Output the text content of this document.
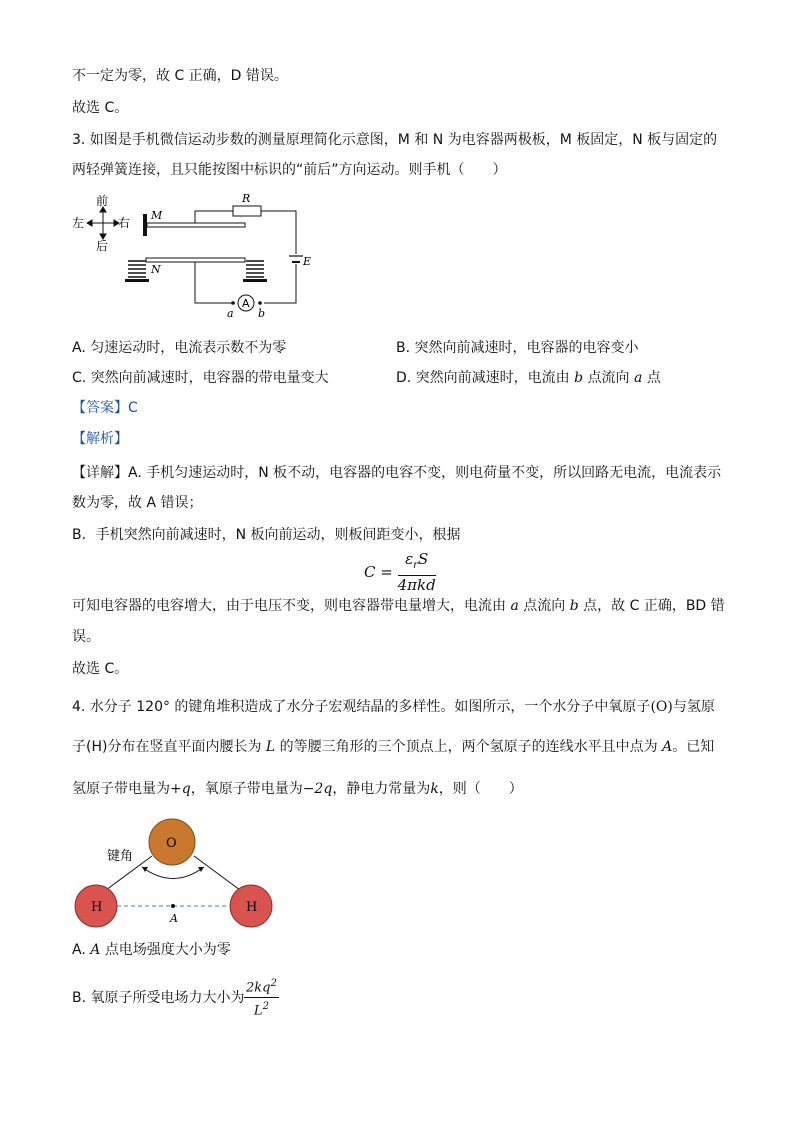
不一定为零，故 C 正确，D 错误。
故选 C。
3. 如图是手机微信运动步数的测量原理简化示意图，M 和 N 为电容器两极板，M 板固定，N 板与固定的
两轻弹簧连接，且只能按图中标识的“前后”方向运动。则手机（　　）
前
后
左	右
M
R
E
N
A
a b
A. 匀速运动时，电流表示数不为零	B. 突然向前减速时，电容器的电容变小
C. 突然向前减速时，电容器的带电量变大	D. 突然向前减速时，电流由 b 点流向 a 点
【答案】C
【解析】
【详解】A. 手机匀速运动时，N 板不动，电容器的电容不变，则电荷量不变，所以回路无电流，电流表示
数为零，故 A 错误；
B．手机突然向前减速时，N 板向前运动，则板间距变小，根据
$C = \frac{\varepsilon_rS}{\text{4πkd}}$
可知电容器的电容增大，由于电压不变，则电容器带电量增大，电流由 a 点流向 b 点，故 C 正确，BD 错
误。
故选 C。
4. 水分子 120° 的键角堆积造成了水分子宏观结晶的多样性。如图所示，一个水分子中氧原子(O)与氢原
子(H)分布在竖直平面内腰长为 L 的等腰三角形的三个顶点上，两个氢原子的连线水平且中点为 A。已知
氢原子带电量为+q，氧原子带电量为−2q，静电力常量为k，则（　　）
键角
A
O
H	H
A. A 点电场强度大小为零
B. 氧原子所受电场力大小为 $\frac{2kq^2}{L^2}$
